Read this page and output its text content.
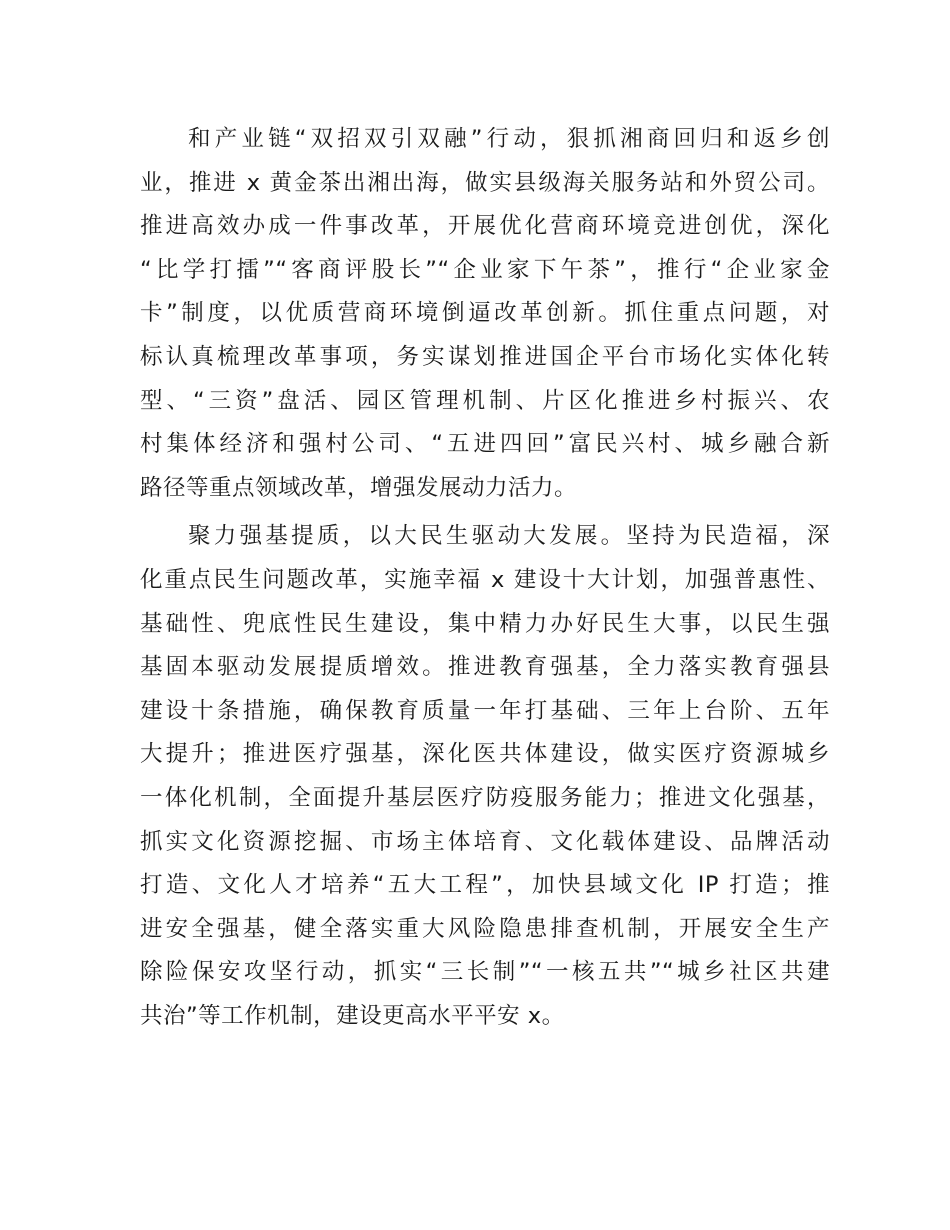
和产业链“双招双引双融”行动，狠抓湘商回归和返乡创
业，推进 x 黄金茶出湘出海，做实县级海关服务站和外贸公司。
推进高效办成一件事改革，开展优化营商环境竞进创优，深化
“比学打擂”“客商评股长”“企业家下午茶”，推行“企业家金
卡”制度，以优质营商环境倒逼改革创新。抓住重点问题，对
标认真梳理改革事项，务实谋划推进国企平台市场化实体化转
型、“三资”盘活、园区管理机制、片区化推进乡村振兴、农
村集体经济和强村公司、“五进四回”富民兴村、城乡融合新
路径等重点领域改革，增强发展动力活力。
聚力强基提质，以大民生驱动大发展。坚持为民造福，深
化重点民生问题改革，实施幸福 x 建设十大计划，加强普惠性、
基础性、兜底性民生建设，集中精力办好民生大事，以民生强
基固本驱动发展提质增效。推进教育强基，全力落实教育强县
建设十条措施，确保教育质量一年打基础、三年上台阶、五年
大提升；推进医疗强基，深化医共体建设，做实医疗资源城乡
一体化机制，全面提升基层医疗防疫服务能力；推进文化强基，
抓实文化资源挖掘、市场主体培育、文化载体建设、品牌活动
打造、文化人才培养“五大工程”，加快县域文化 IP 打造；推
进安全强基，健全落实重大风险隐患排查机制，开展安全生产
除险保安攻坚行动，抓实“三长制”“一核五共”“城乡社区共建
共治”等工作机制，建设更高水平平安 x。
